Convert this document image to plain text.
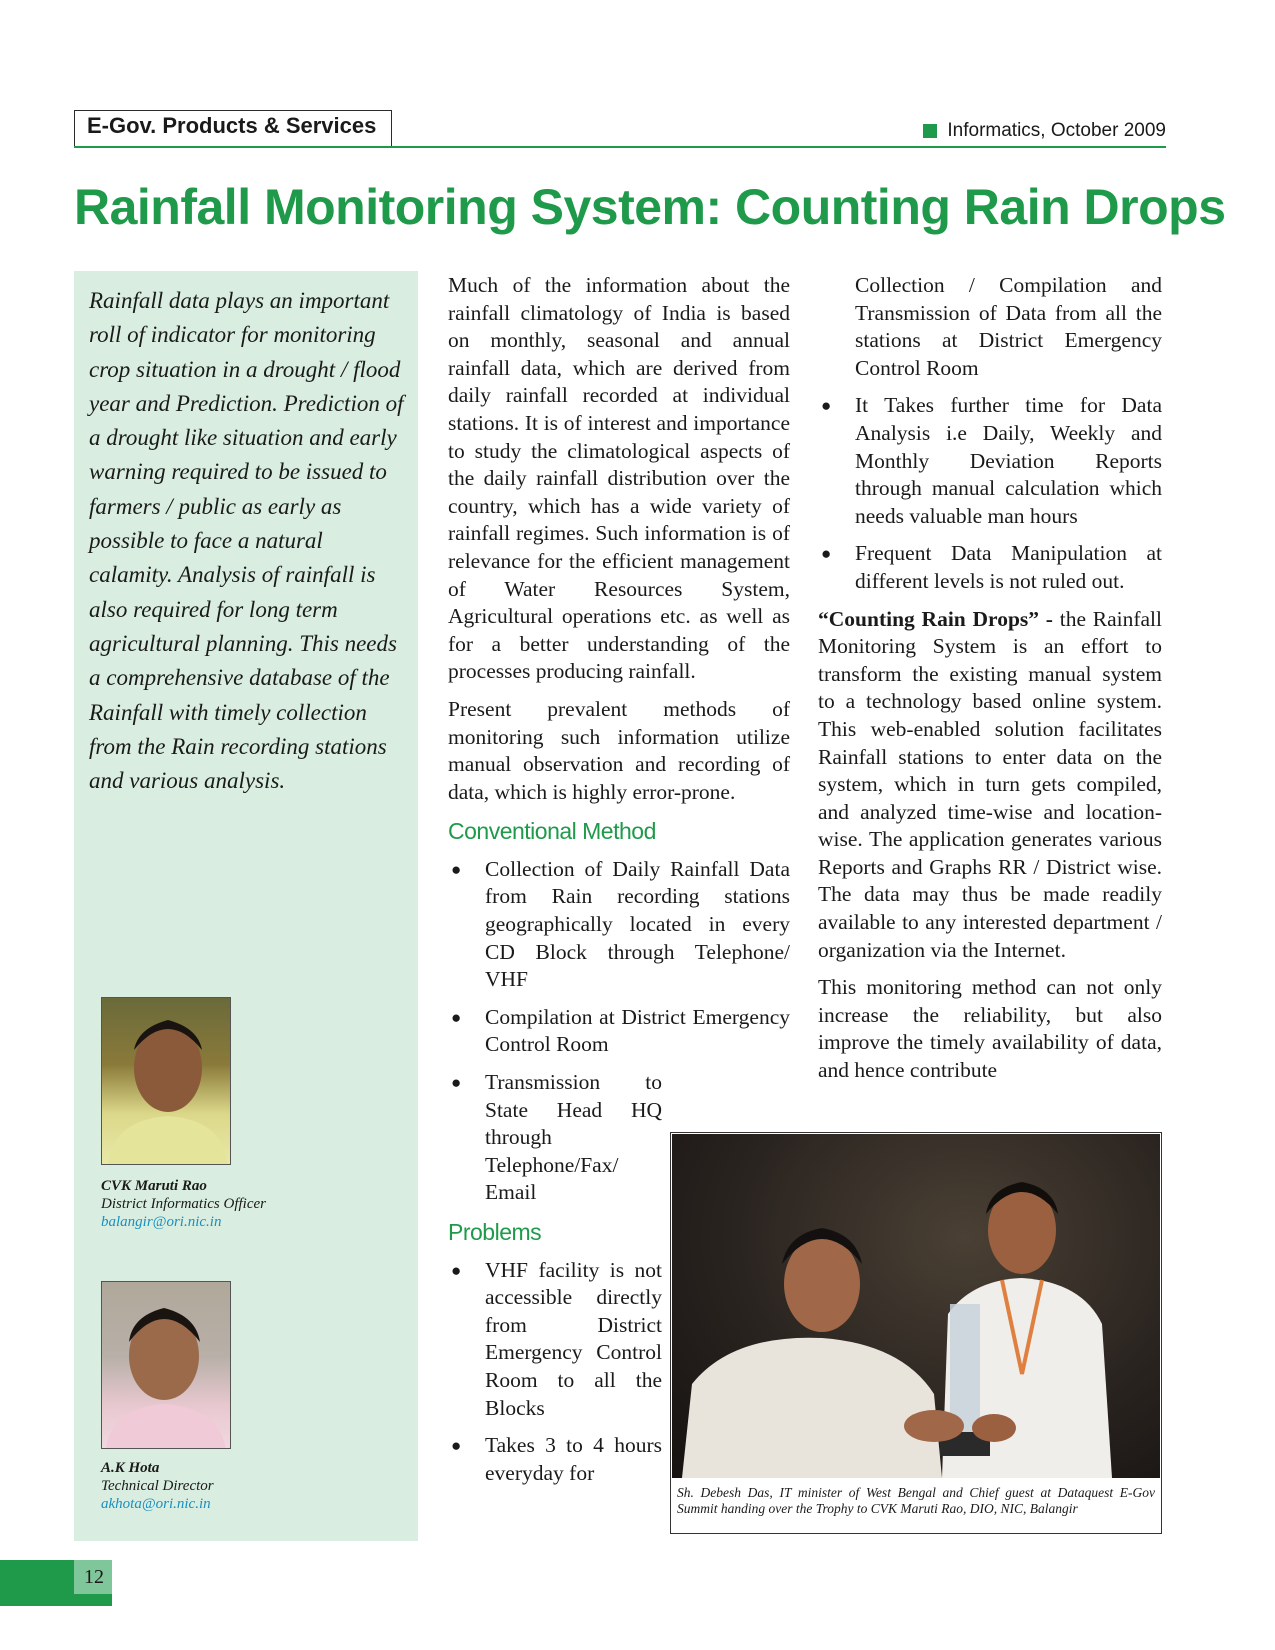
E-Gov. Products & Services	Informatics, October 2009
Rainfall Monitoring System: Counting Rain Drops

Rainfall data plays an important roll of indicator for monitoring crop situation in a drought / flood year and Prediction. Prediction of a drought like situation and early warning required to be issued to farmers / public as early as possible to face a natural calamity. Analysis of rainfall is also required for long term agricultural planning. This needs a comprehensive database of the Rainfall with timely collection from the Rain recording stations and various analysis.

CVK Maruti Rao
District Informatics Officer
balangir@ori.nic.in
A.K Hota
Technical Director
akhota@ori.nic.in

Much of the information about the rainfall climatology of India is based on monthly, seasonal and annual rainfall data, which are derived from daily rainfall recorded at individual stations. It is of interest and importance to study the climatological aspects of the daily rainfall distribution over the country, which has a wide variety of rainfall regimes. Such information is of relevance for the efficient management of Water Resources System, Agricultural operations etc. as well as for a better understanding of the processes producing rainfall.

Present prevalent methods of monitoring such information utilize manual observation and recording of data, which is highly error-prone.

Conventional Method
● Collection of Daily Rainfall Data from Rain recording stations geographically located in every CD Block through Telephone/ VHF
● Compilation at District Emergency Control Room
● Transmission to State Head HQ through Telephone/Fax/ Email
Problems
● VHF facility is not accessible directly from District Emergency Control Room to all the Blocks
● Takes 3 to 4 hours everyday for

Collection / Compilation and Transmission of Data from all the stations at District Emergency Control Room

● It Takes further time for Data Analysis i.e Daily, Weekly and Monthly Deviation Reports through manual calculation which needs valuable man hours
● Frequent Data Manipulation at different levels is not ruled out.

“Counting Rain Drops” - the Rainfall Monitoring System is an effort to transform the existing manual system to a technology based online system. This web-enabled solution facilitates Rainfall stations to enter data on the system, which in turn gets compiled, and analyzed time-wise and location-wise. The application generates various Reports and Graphs RR / District wise. The data may thus be made readily available to any interested department / organization via the Internet.

This monitoring method can not only increase the reliability, but also improve the timely availability of data, and hence contribute

Sh. Debesh Das, IT minister of West Bengal and Chief guest at Dataquest E-Gov Summit handing over the Trophy to CVK Maruti Rao, DIO, NIC, Balangir

12
